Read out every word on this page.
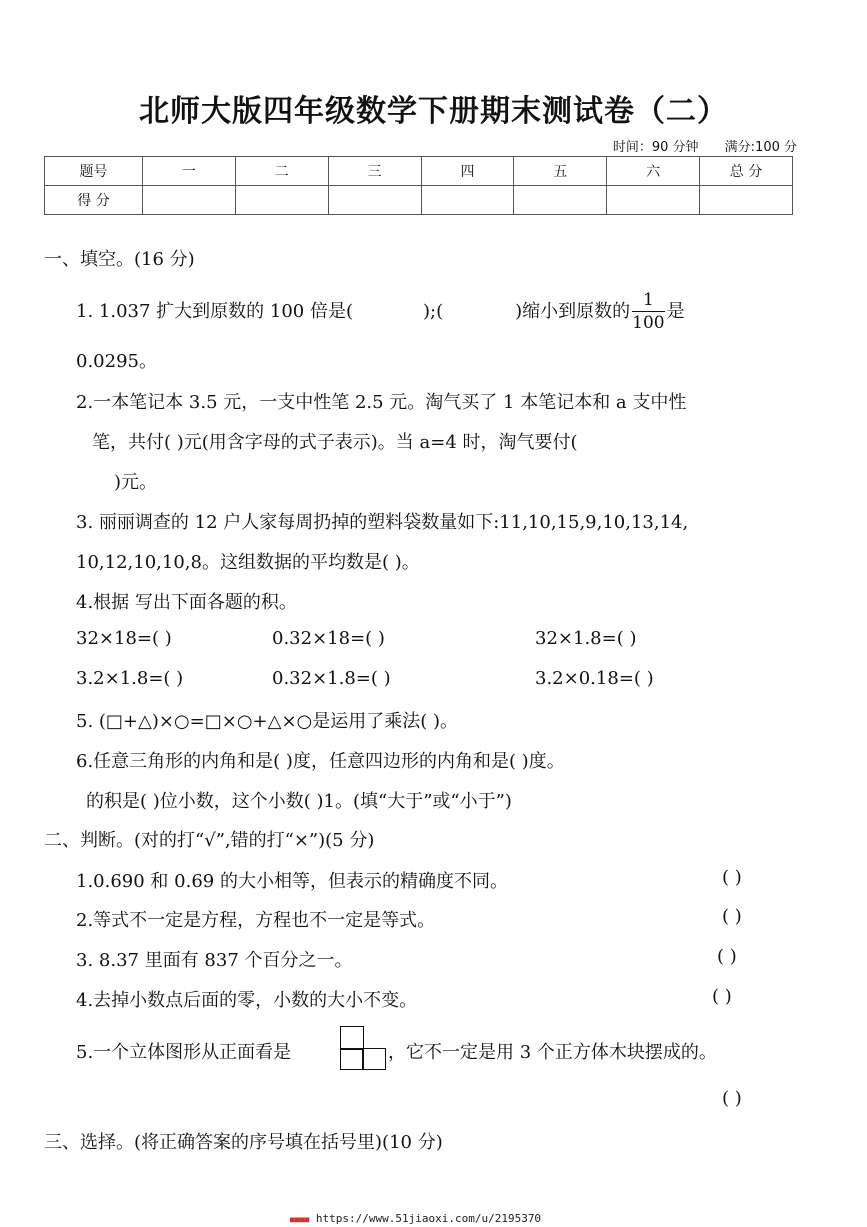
北师大版四年级数学下册期末测试卷（二）
时间：90 分钟 满分:100 分
题号	一	二	三	四	五	六	总 分
得 分							
一、填空。(16 分)
1. 1.037 扩大到原数的 100 倍是(	);(	)缩小到原数的 $\frac{1}{100}$ 是
0.0295。
2.一本笔记本 3.5 元，一支中性笔 2.5 元。淘气买了 1 本笔记本和 a 支中性
笔，共付( )元(用含字母的式子表示)。当 a=4 时，淘气要付(
)元。
3. 丽丽调查的 12 户人家每周扔掉的塑料袋数量如下:11,10,15,9,10,13,14,
10,12,10,10,8。这组数据的平均数是( )。
4.根据 写出下面各题的积。
32×18=( )	0.32×18=( )	32×1.8=( )
3.2×1.8=( )	0.32×1.8=( )	3.2×0.18=( )
5. (□+△)×○=□×○+△×○是运用了乘法( )。
6.任意三角形的内角和是( )度，任意四边形的内角和是( )度。
的积是( )位小数，这个小数( )1。(填“大于”或“小于”)
二、判断。(对的打“√”,错的打“×”)(5 分)
1.0.690 和 0.69 的大小相等，但表示的精确度不同。	( )
2.等式不一定是方程，方程也不一定是等式。	( )
3. 8.37 里面有 837 个百分之一。	( )
4.去掉小数点后面的零，小数的大小不变。	( )
5.一个立体图形从正面看是	，它不一定是用 3 个正方体木块摆成的。
( )
三、选择。(将正确答案的序号填在括号里)(10 分)
■■■■ https://www.51jiaoxi.com/u/2195370
